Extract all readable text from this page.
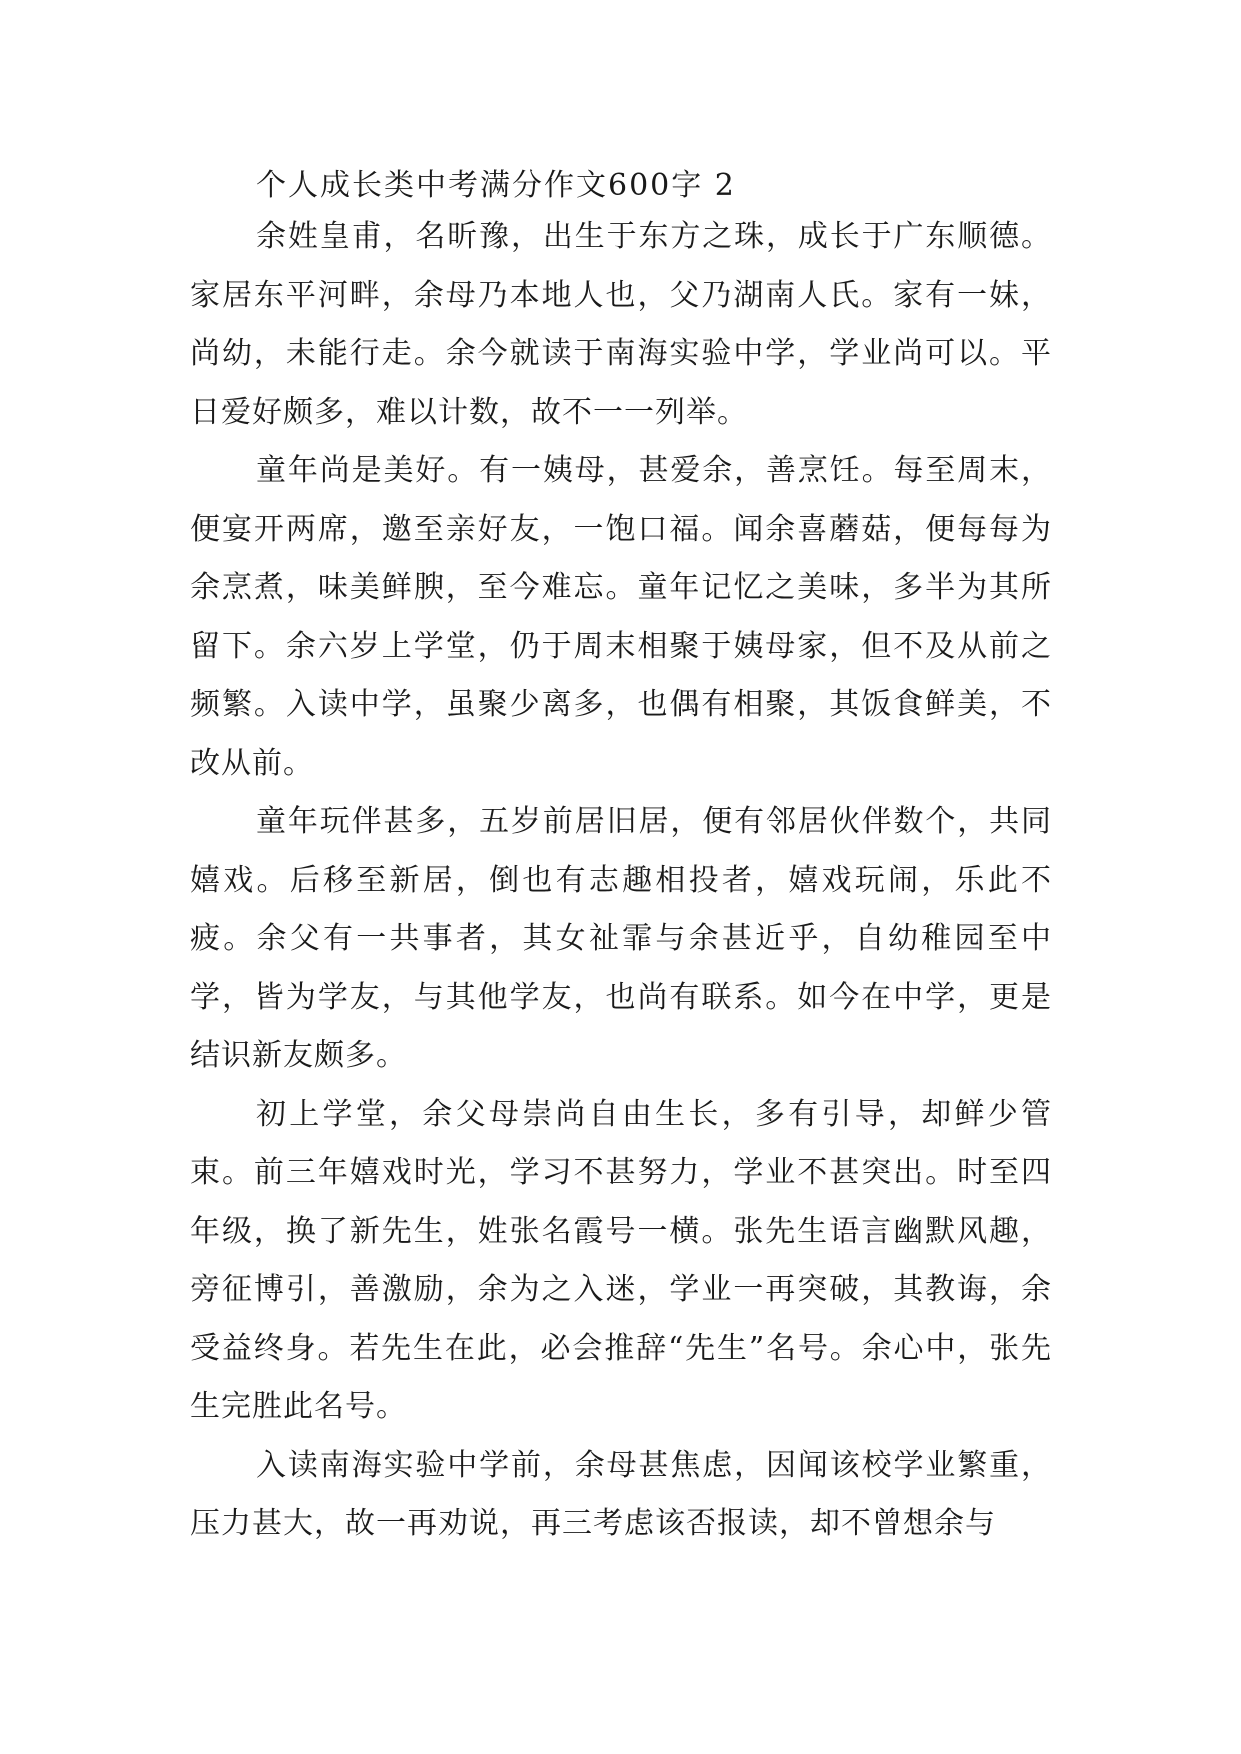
个人成长类中考满分作文600字 2

余姓皇甫，名昕豫，出生于东方之珠，成长于广东顺德。家居东平河畔，余母乃本地人也，父乃湖南人氏。家有一妹，尚幼，未能行走。余今就读于南海实验中学，学业尚可以。平日爱好颇多，难以计数，故不一一列举。

童年尚是美好。有一姨母，甚爱余，善烹饪。每至周末，便宴开两席，邀至亲好友，一饱口福。闻余喜蘑菇，便每每为余烹煮，味美鲜腴，至今难忘。童年记忆之美味，多半为其所留下。余六岁上学堂，仍于周末相聚于姨母家，但不及从前之频繁。入读中学，虽聚少离多，也偶有相聚，其饭食鲜美，不改从前。

童年玩伴甚多，五岁前居旧居，便有邻居伙伴数个，共同嬉戏。后移至新居，倒也有志趣相投者，嬉戏玩闹，乐此不疲。余父有一共事者，其女祉霏与余甚近乎，自幼稚园至中学，皆为学友，与其他学友，也尚有联系。如今在中学，更是结识新友颇多。

初上学堂，余父母崇尚自由生长，多有引导，却鲜少管束。前三年嬉戏时光，学习不甚努力，学业不甚突出。时至四年级，换了新先生，姓张名霞号一横。张先生语言幽默风趣，旁征博引，善激励，余为之入迷，学业一再突破，其教诲，余受益终身。若先生在此，必会推辞“先生”名号。余心中，张先生完胜此名号。

入读南海实验中学前，余母甚焦虑，因闻该校学业繁重，压力甚大，故一再劝说，再三考虑该否报读，却不曾想余与
